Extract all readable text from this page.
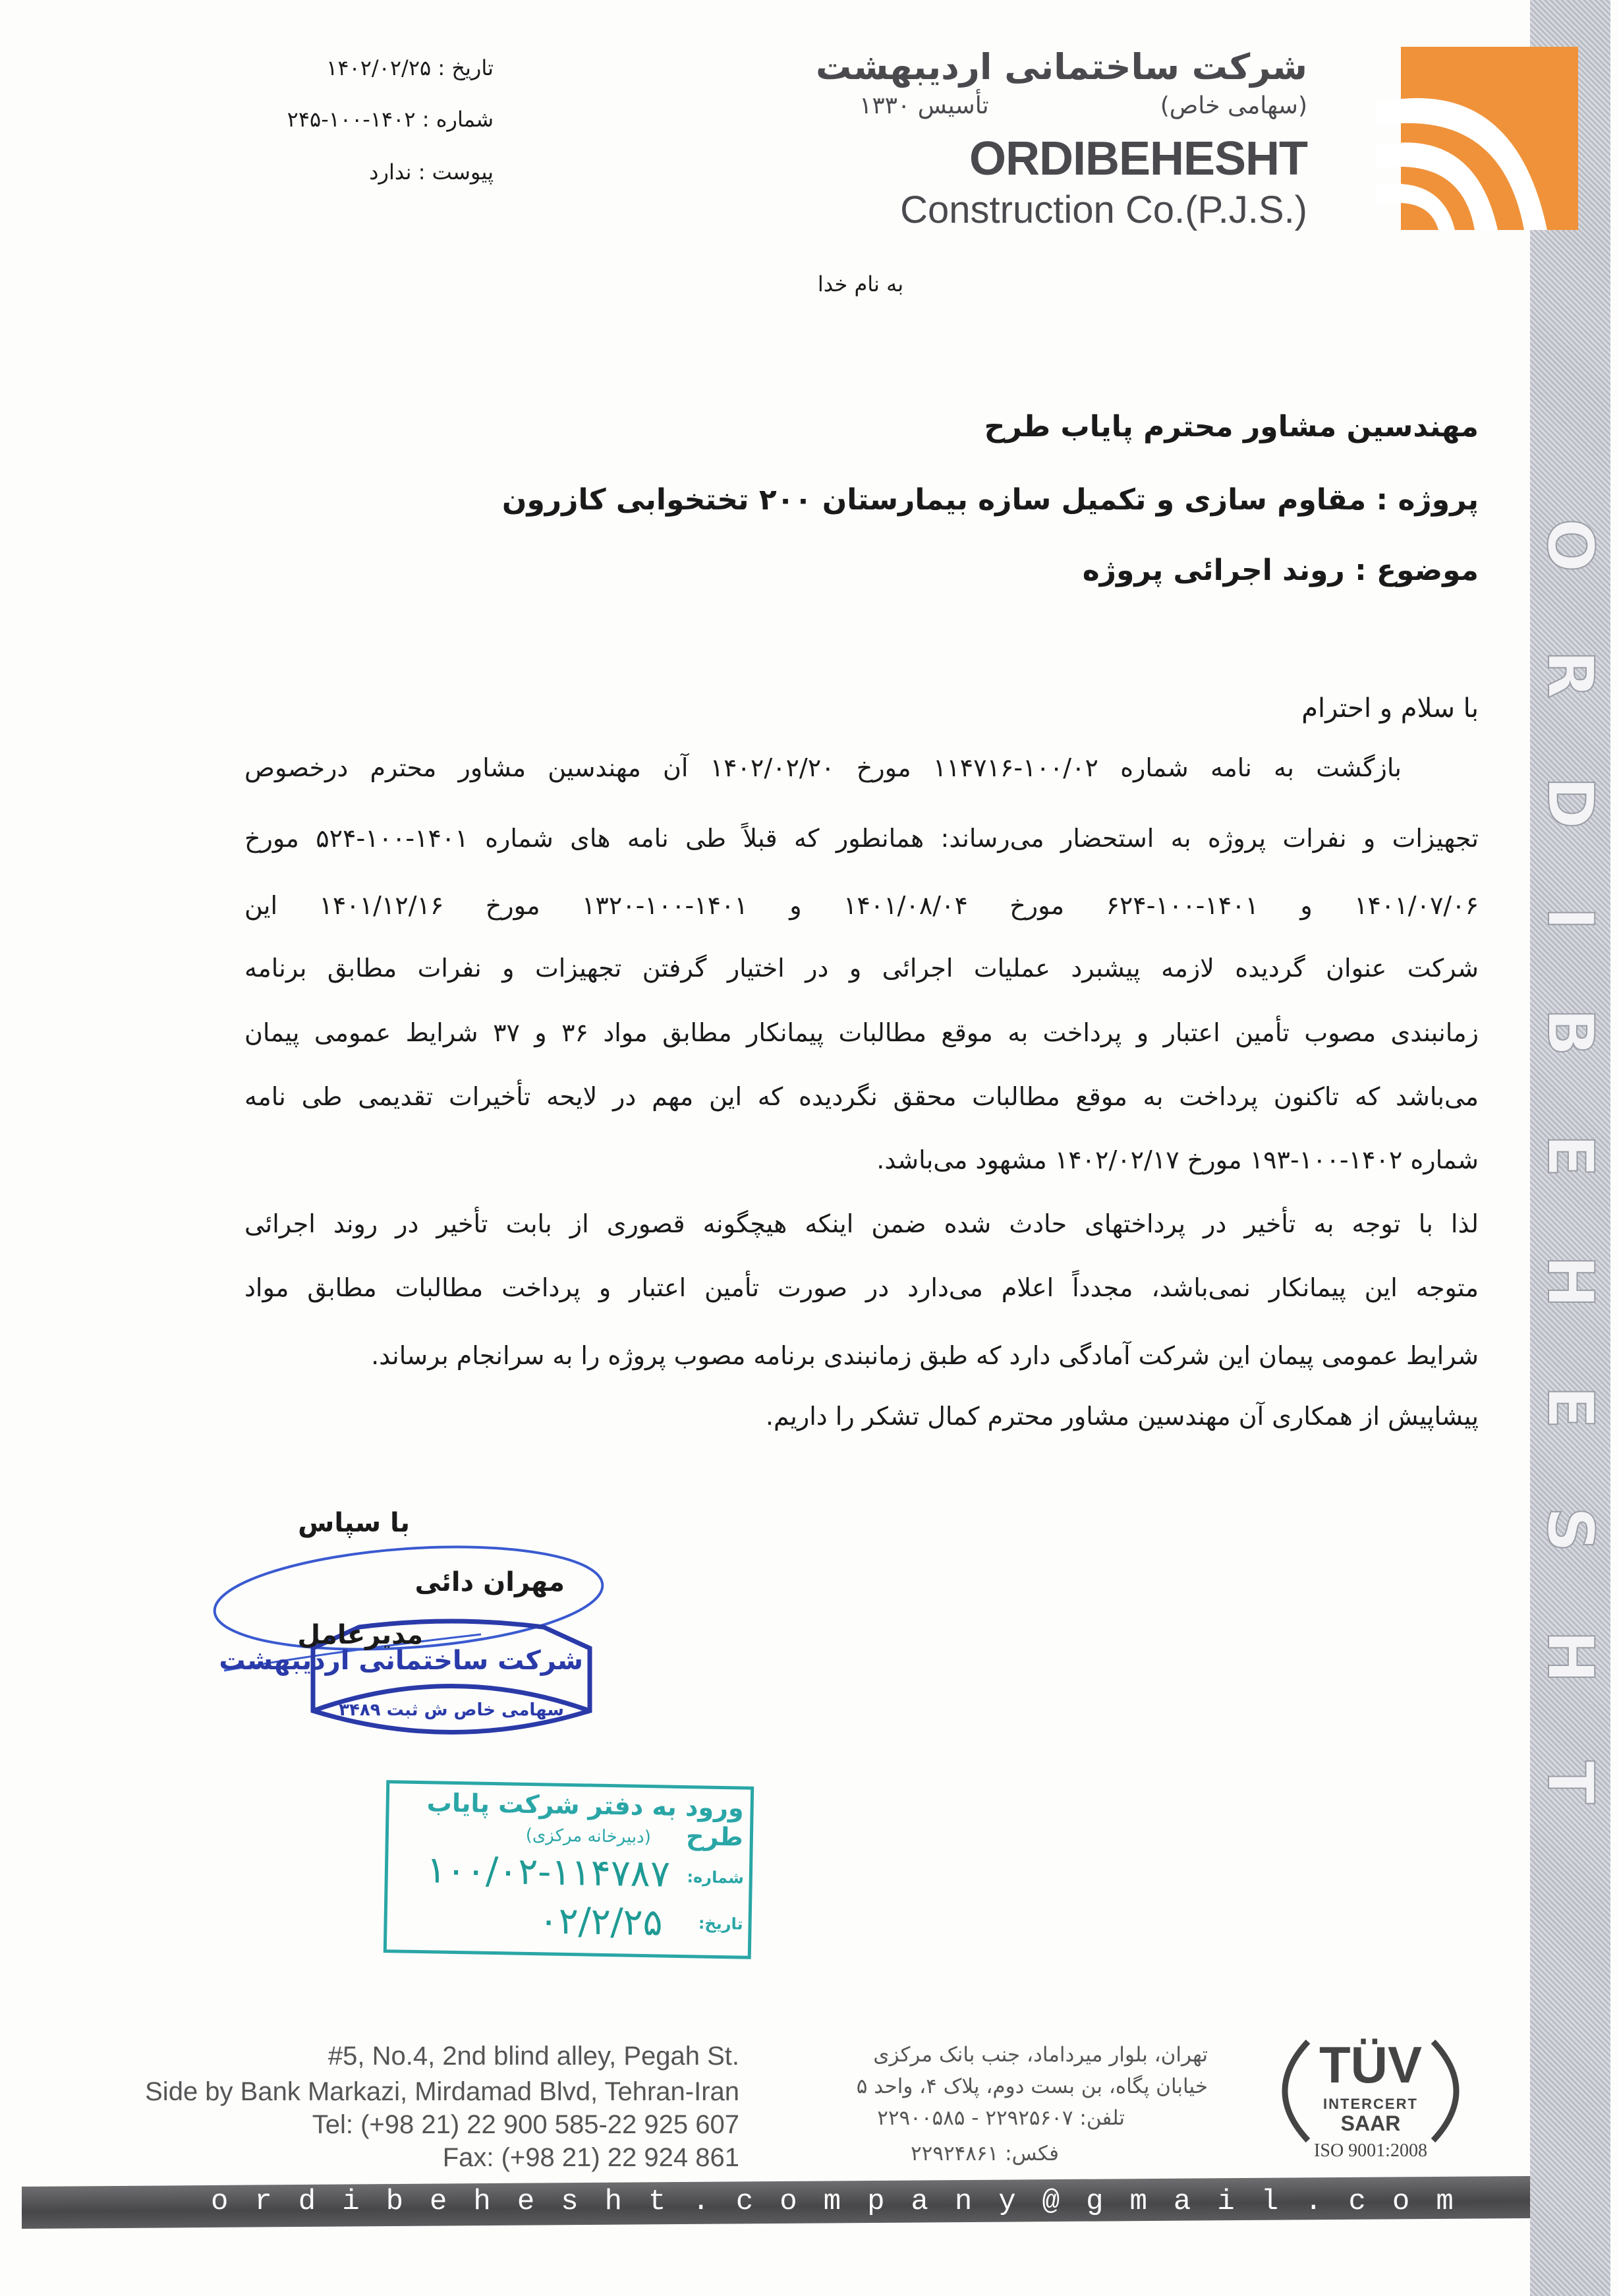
ORDIBEHESHT
شرکت ساختمانی اردیبهشت
(سهامی خاص)
تأسیس ۱۳۳۰
ORDIBEHESHT
Construction Co.(P.J.S.)
تاریخ : ۱۴۰۲/۰۲/۲۵
شماره : ۱۴۰۲-۱۰۰-۲۴۵
پیوست : ندارد
به نام خدا
مهندسین مشاور محترم پایاب طرح
پروژه : مقاوم سازی و تکمیل سازه بیمارستان ۲۰۰ تختخوابی کازرون
موضوع : روند اجرائی پروژه
با سلام و احترام
بازگشت به نامه شماره ۱۰۰/۰۲-۱۱۴۷۱۶ مورخ ۱۴۰۲/۰۲/۲۰ آن مهندسین مشاور محترم درخصوص
تجهیزات و نفرات پروژه به استحضار می‌رساند: همانطور که قبلاً طی نامه های شماره ۱۴۰۱-۱۰۰-۵۲۴ مورخ
۱۴۰۱/۰۷/۰۶ و ۱۴۰۱-۱۰۰-۶۲۴ مورخ ۱۴۰۱/۰۸/۰۴ و ۱۴۰۱-۱۰۰-۱۳۲۰ مورخ ۱۴۰۱/۱۲/۱۶ این
شرکت عنوان گردیده لازمه پیشبرد عملیات اجرائی و در اختیار گرفتن تجهیزات و نفرات مطابق برنامه
زمانبندی مصوب تأمین اعتبار و پرداخت به موقع مطالبات پیمانکار مطابق مواد ۳۶ و ۳۷ شرایط عمومی پیمان
می‌باشد که تاکنون پرداخت به موقع مطالبات محقق نگردیده که این مهم در لایحه تأخیرات تقدیمی طی نامه
شماره ۱۴۰۲-۱۰۰-۱۹۳ مورخ ۱۴۰۲/۰۲/۱۷ مشهود می‌باشد.
لذا با توجه به تأخیر در پرداختهای حادث شده ضمن اینکه هیچگونه قصوری از بابت تأخیر در روند اجرائی
متوجه این پیمانکار نمی‌باشد، مجدداً اعلام می‌دارد در صورت تأمین اعتبار و پرداخت مطالبات مطابق مواد
شرایط عمومی پیمان این شرکت آمادگی دارد که طبق زمانبندی برنامه مصوب پروژه را به سرانجام برساند.
پیشاپیش از همکاری آن مهندسین مشاور محترم کمال تشکر را داریم.
با سپاس
مهران دائی
شرکت ساختمانی اردیبهشت
سهامی خاص ش ثبت ۳۴۸۹
مدیرعامل
ورود به دفتر شرکت پایاب طرح
(دبیرخانه مرکزی)
شماره:
۱۰۰/۰۲-۱۱۴۷۸۷
تاریخ:
۰۲/۲/۲۵
#5, No.4, 2nd blind alley, Pegah St.
Side by Bank Markazi, Mirdamad Blvd, Tehran-Iran
Tel: (+98 21) 22 900 585-22 925 607
Fax: (+98 21) 22 924 861
تهران، بلوار میرداماد، جنب بانک مرکزی
خیابان پگاه، بن بست دوم، پلاک ۴، واحد ۵
تلفن: ۲۲۹۲۵۶۰۷ - ۲۲۹۰۰۵۸۵
فکس: ۲۲۹۲۴۸۶۱
TÜV
INTERCERT
SAAR
ISO 9001:2008
ordibehesht.company@gmail.com
